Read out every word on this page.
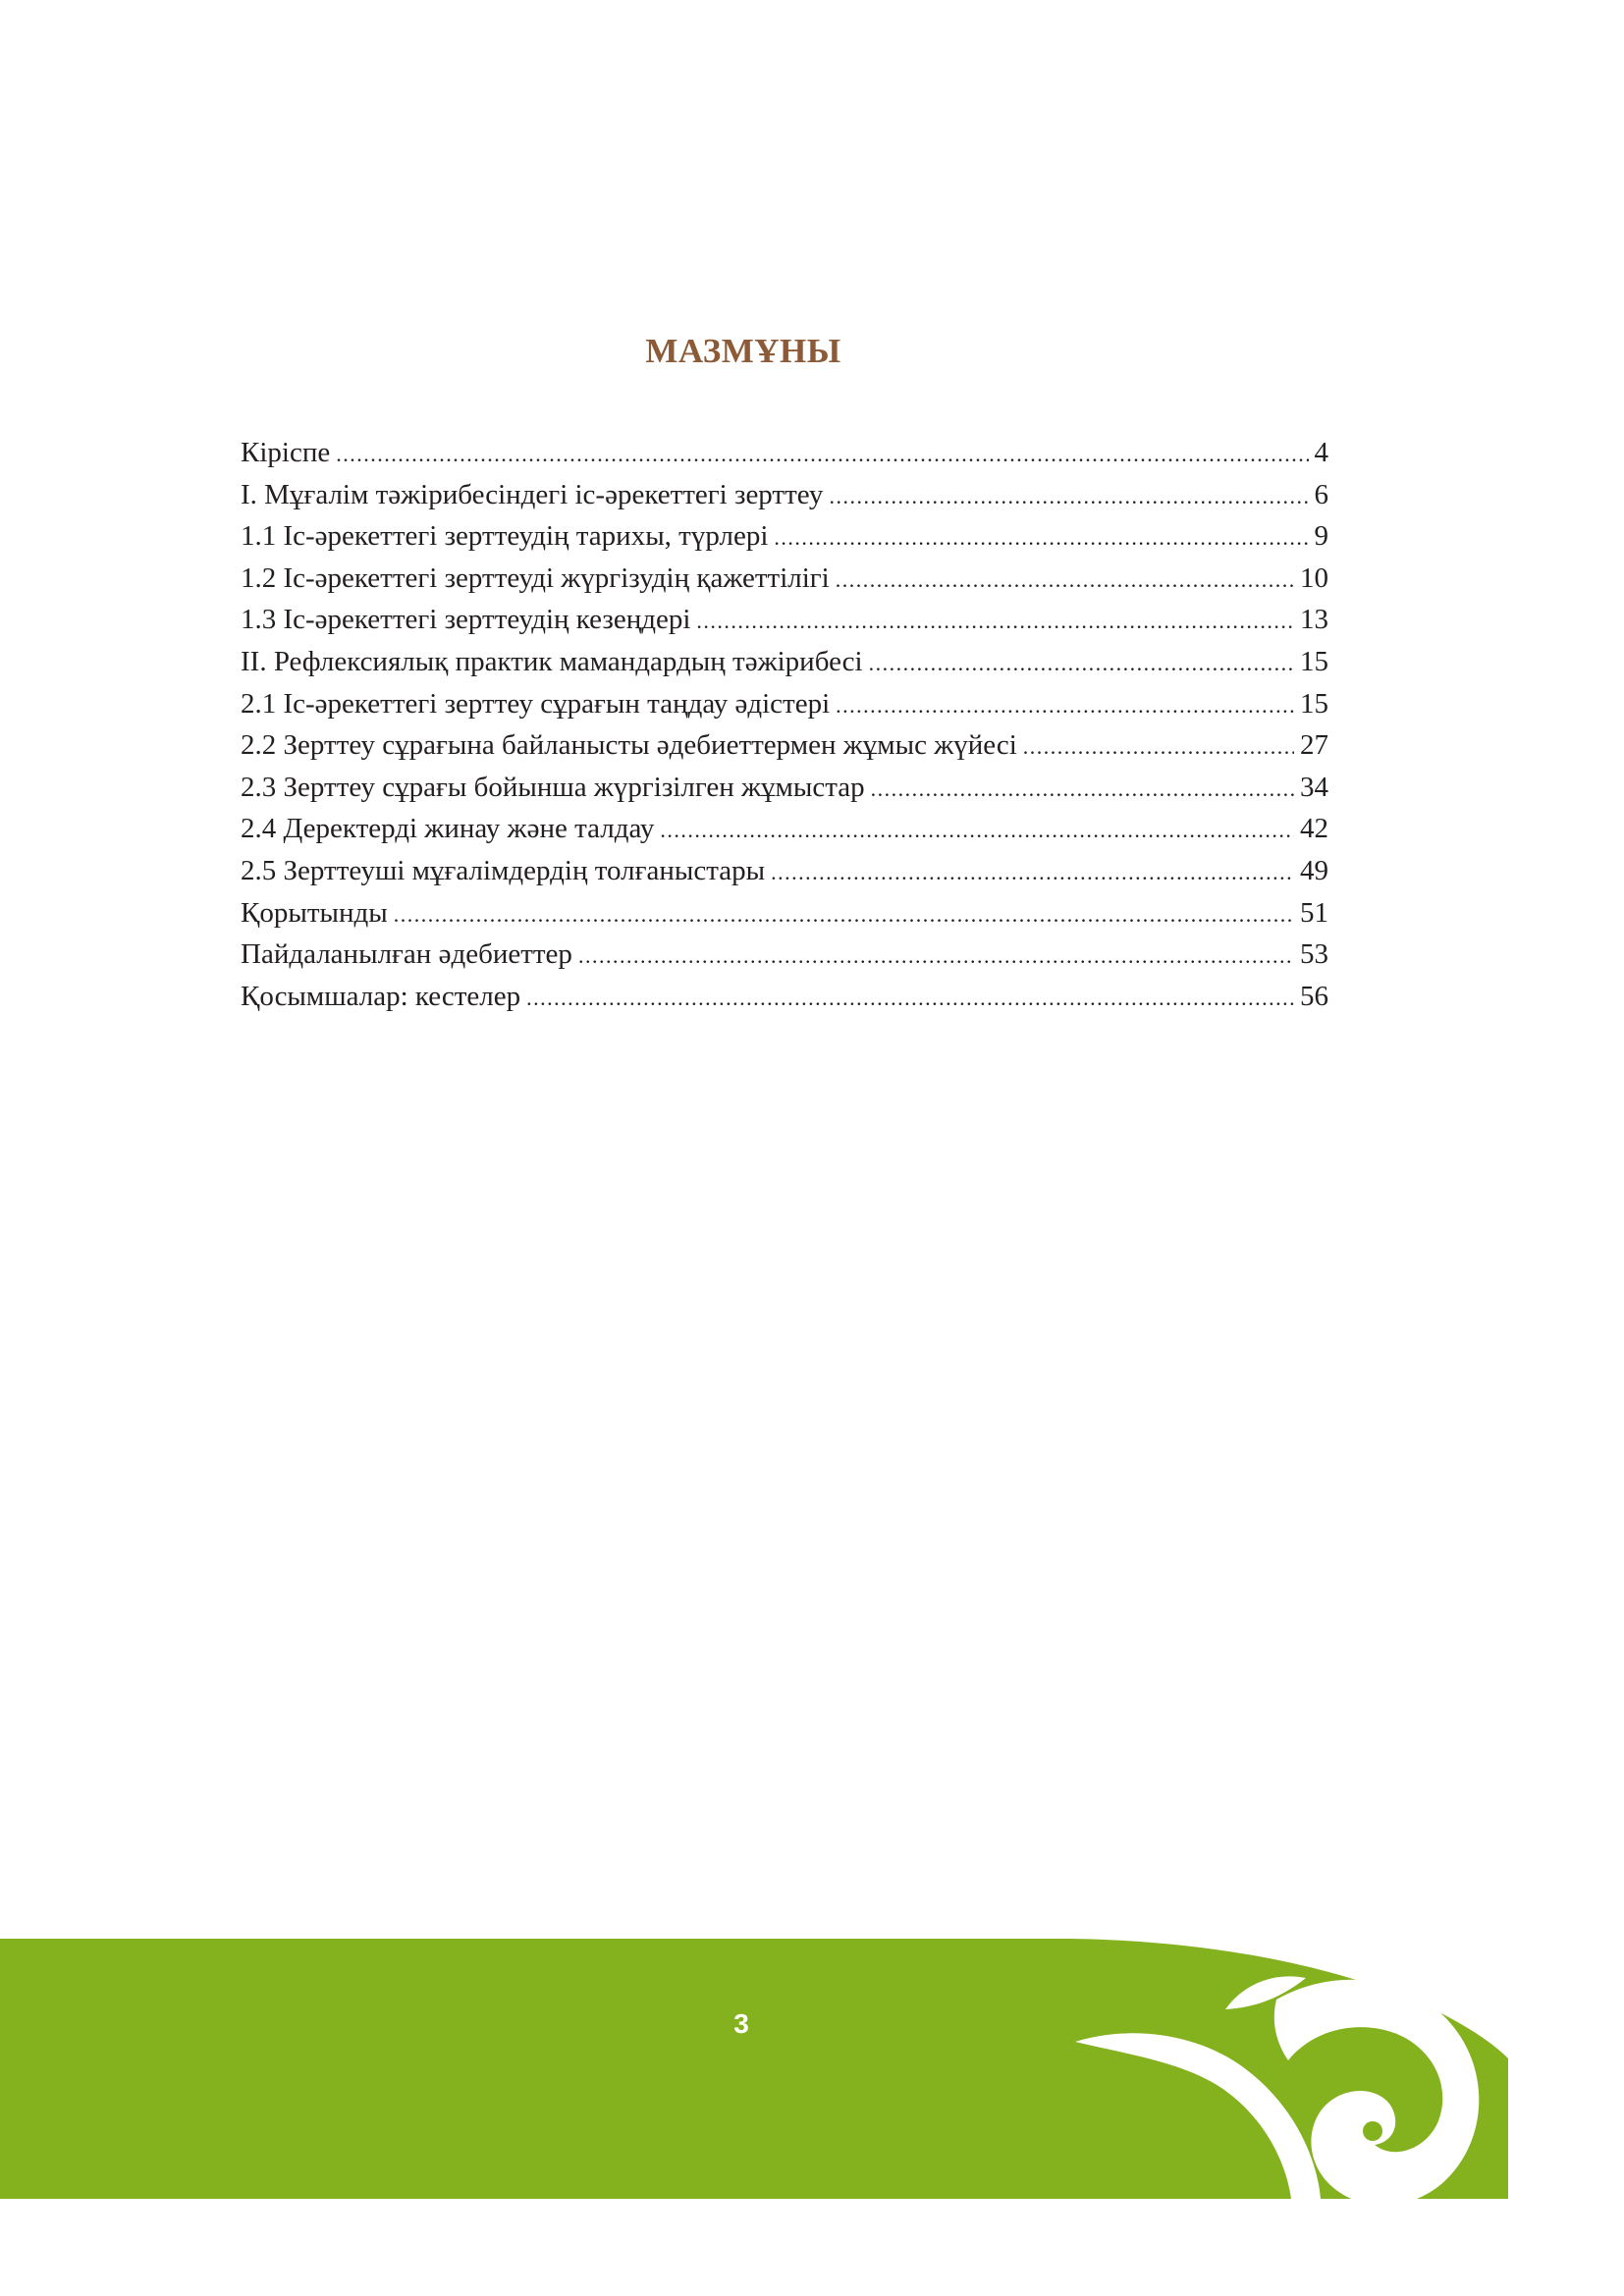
МАЗМҰНЫ
Кіріспе .....	4
І. Мұғалім тәжірибесіндегі іс-әрекеттегі зерттеу .....	6
1.1 Іс-әрекеттегі зерттеудің тарихы, түрлері .....	9
1.2 Іс-әрекеттегі зерттеуді жүргізудің қажеттілігі .....	10
1.3 Іс-әрекеттегі зерттеудің кезеңдері .....	13
ІІ. Рефлексиялық практик мамандардың тәжірибесі .....	15
2.1 Іс-әрекеттегі зерттеу сұрағын таңдау әдістері .....	15
2.2 Зерттеу сұрағына байланысты әдебиеттермен жұмыс жүйесі .....	27
2.3 Зерттеу сұрағы бойынша жүргізілген жұмыстар .....	34
2.4 Деректерді жинау және талдау .....	42
2.5 Зерттеуші мұғалімдердің толғаныстары .....	49
Қорытынды .....	51
Пайдаланылған әдебиеттер .....	53
Қосымшалар: кестелер .....	56
3
